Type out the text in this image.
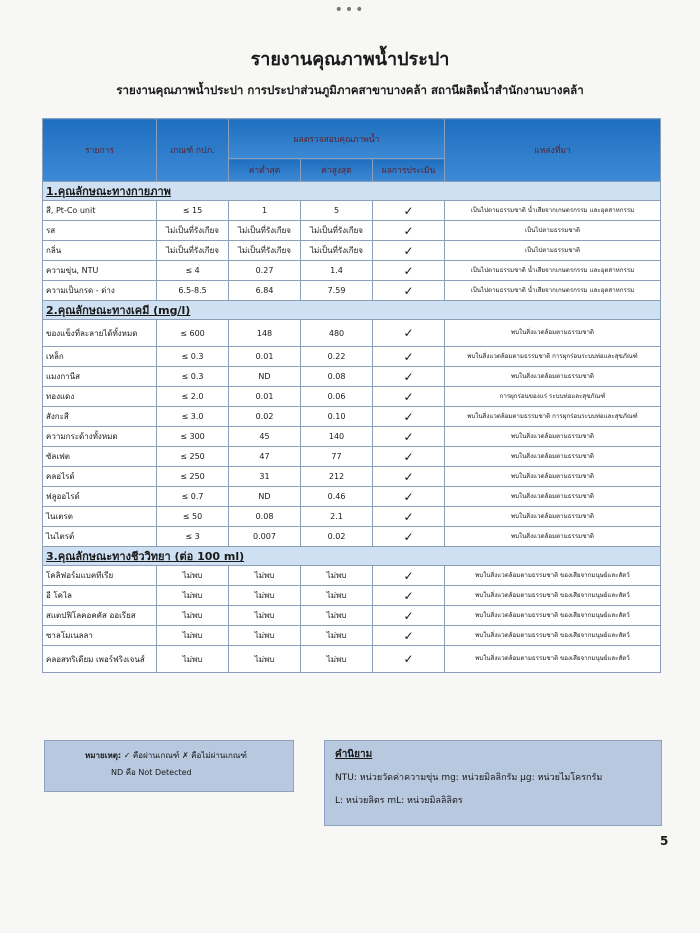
•••
รายงานคุณภาพน้ำประปา
รายงานคุณภาพน้ำประปา การประปาส่วนภูมิภาคสาขาบางคล้า สถานีผลิตน้ำสำนักงานบางคล้า
รายการ	เกณฑ์ กปภ.	ผลตรวจสอบคุณภาพน้ำ			แหล่งที่มา
		ค่าต่ำสุด	ค่าสูงสุด	ผลการประเมิน	
1.คุณลักษณะทางกายภาพ					
สี, Pt-Co unit	≤ 15	1	5	✓	เป็นไปตามธรรมชาติ น้ำเสียจากเกษตรกรรม และอุตสาหกรรม
รส	ไม่เป็นที่รังเกียจ	ไม่เป็นที่รังเกียจ	ไม่เป็นที่รังเกียจ	✓	เป็นไปตามธรรมชาติ
กลิ่น	ไม่เป็นที่รังเกียจ	ไม่เป็นที่รังเกียจ	ไม่เป็นที่รังเกียจ	✓	เป็นไปตามธรรมชาติ
ความขุ่น, NTU	≤ 4	0.27	1.4	✓	เป็นไปตามธรรมชาติ น้ำเสียจากเกษตรกรรม และอุตสาหกรรม
ความเป็นกรด - ด่าง	6.5-8.5	6.84	7.59	✓	เป็นไปตามธรรมชาติ น้ำเสียจากเกษตรกรรม และอุตสาหกรรม
2.คุณลักษณะทางเคมี (mg/l)					
ของแข็งที่ละลายได้ทั้งหมด	≤ 600	148	480	✓	พบในสิ่งแวดล้อมตามธรรมชาติ
เหล็ก	≤ 0.3	0.01	0.22	✓	พบในสิ่งแวดล้อมตามธรรมชาติ การผุกร่อนระบบท่อและสุขภัณฑ์
แมงกานีส	≤ 0.3	ND	0.08	✓	พบในสิ่งแวดล้อมตามธรรมชาติ
ทองแดง	≤ 2.0	0.01	0.06	✓	การผุกร่อนของแร่ ระบบท่อและสุขภัณฑ์
สังกะสี	≤ 3.0	0.02	0.10	✓	พบในสิ่งแวดล้อมตามธรรมชาติ การผุกร่อนระบบท่อและสุขภัณฑ์
ความกระด้างทั้งหมด	≤ 300	45	140	✓	พบในสิ่งแวดล้อมตามธรรมชาติ
ซัลเฟต	≤ 250	47	77	✓	พบในสิ่งแวดล้อมตามธรรมชาติ
คลอไรด์	≤ 250	31	212	✓	พบในสิ่งแวดล้อมตามธรรมชาติ
ฟลูออไรด์	≤ 0.7	ND	0.46	✓	พบในสิ่งแวดล้อมตามธรรมชาติ
ไนเตรต	≤ 50	0.08	2.1	✓	พบในสิ่งแวดล้อมตามธรรมชาติ
ไนไตรต์	≤ 3	0.007	0.02	✓	พบในสิ่งแวดล้อมตามธรรมชาติ
3.คุณลักษณะทางชีววิทยา (ต่อ 100 ml)					
โคลิฟอร์มแบคทีเรีย	ไม่พบ	ไม่พบ	ไม่พบ	✓	พบในสิ่งแวดล้อมตามธรรมชาติ ของเสียจากมนุษย์และสัตว์
อี โคไล	ไม่พบ	ไม่พบ	ไม่พบ	✓	พบในสิ่งแวดล้อมตามธรรมชาติ ของเสียจากมนุษย์และสัตว์
สแตปฟิโลคอคคัส ออเรียส	ไม่พบ	ไม่พบ	ไม่พบ	✓	พบในสิ่งแวดล้อมตามธรรมชาติ ของเสียจากมนุษย์และสัตว์
ซาลโมเนลลา	ไม่พบ	ไม่พบ	ไม่พบ	✓	พบในสิ่งแวดล้อมตามธรรมชาติ ของเสียจากมนุษย์และสัตว์
คลอสทริเดียม เพอร์ฟริงเจนส์	ไม่พบ	ไม่พบ	ไม่พบ	✓	พบในสิ่งแวดล้อมตามธรรมชาติ ของเสียจากมนุษย์และสัตว์
หมายเหตุ: ✓ คือผ่านเกณฑ์ ✗ คือไม่ผ่านเกณฑ์
ND คือ Not Detected
คำนิยาม
NTU: หน่วยวัดค่าความขุ่น mg: หน่วยมิลลิกรัม µg: หน่วยไมโครกรัม
L: หน่วยลิตร mL: หน่วยมิลลิลิตร
5
